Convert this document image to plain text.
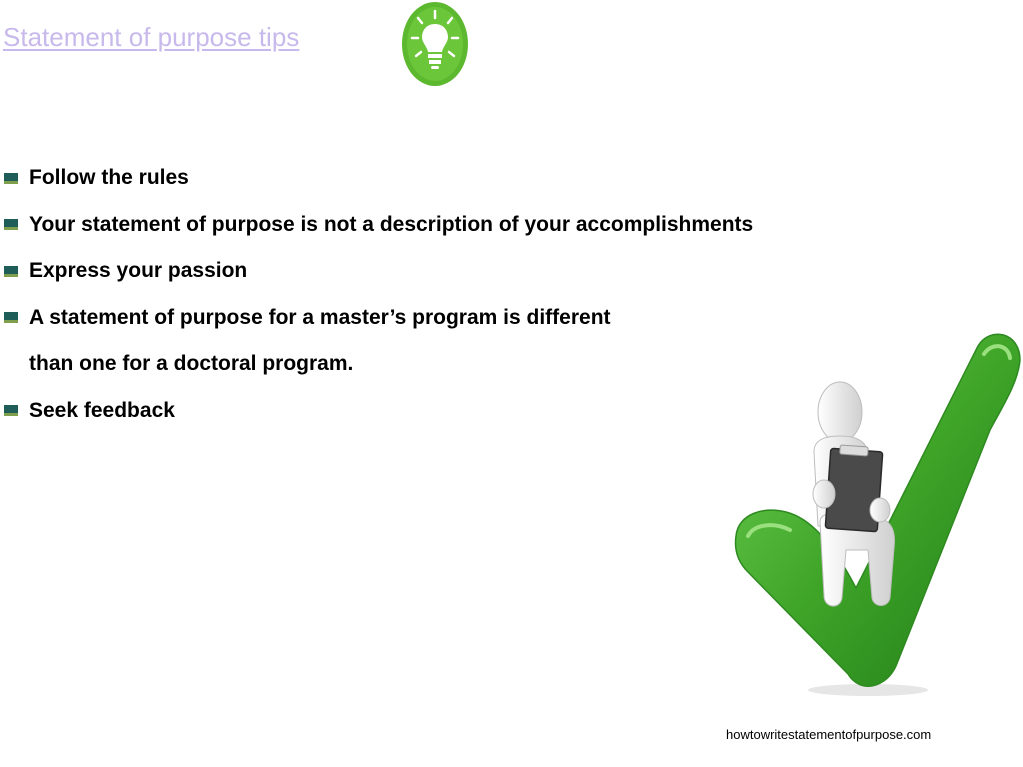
Statement of purpose tips
Follow the rules
Your statement of purpose is not a description of your accomplishments
Express your passion
A statement of purpose for a master’s program is different
than one for a doctoral program.
Seek feedback

howtowritestatementofpurpose.com
